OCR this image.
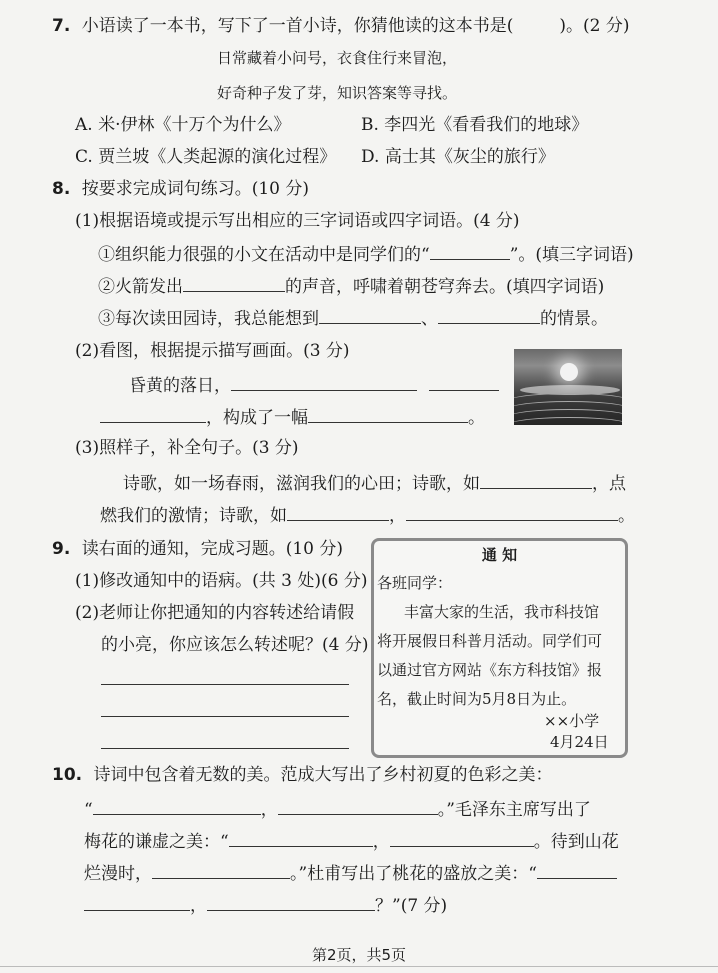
7. 小语读了一本书，写下了一首小诗，你猜他读的这本书是(	)。(2 分)
日常藏着小问号，衣食住行来冒泡，
好奇种子发了芽，知识答案等寻找。
A. 米·伊林《十万个为什么》	B. 李四光《看看我们的地球》
C. 贾兰坡《人类起源的演化过程》 D. 高士其《灰尘的旅行》
8. 按要求完成词句练习。(10 分)
(1)根据语境或提示写出相应的三字词语或四字词语。(4 分)
①组织能力很强的小文在活动中是同学们的“	”。(填三字词语)
②火箭发出	的声音，呼啸着朝苍穹奔去。(填四字词语)
③每次读田园诗，我总能想到	、	的情景。
(2)看图，根据提示描写画面。(3 分)
昏黄的落日，
，构成了一幅	。
(3)照样子，补全句子。(3 分)
诗歌，如一场春雨，滋润我们的心田；诗歌，如	，点
燃我们的激情；诗歌，如	，	。
9. 读右面的通知，完成习题。(10 分)
(1)修改通知中的语病。(共 3 处)(6 分)
(2)老师让你把通知的内容转述给请假
的小亮，你应该怎么转述呢？(4 分)
通 知
各班同学：
丰富大家的生活，我市科技馆
将开展假日科普月活动。同学们可
以通过官方网站《东方科技馆》报
名，截止时间为5月8日为止。
××小学
4月24日
10. 诗词中包含着无数的美。范成大写出了乡村初夏的色彩之美：
“	，	。”毛泽东主席写出了
梅花的谦虚之美：“	，	。待到山花
烂漫时，	。”杜甫写出了桃花的盛放之美：“
，	？”(7 分)
第2页，共5页
